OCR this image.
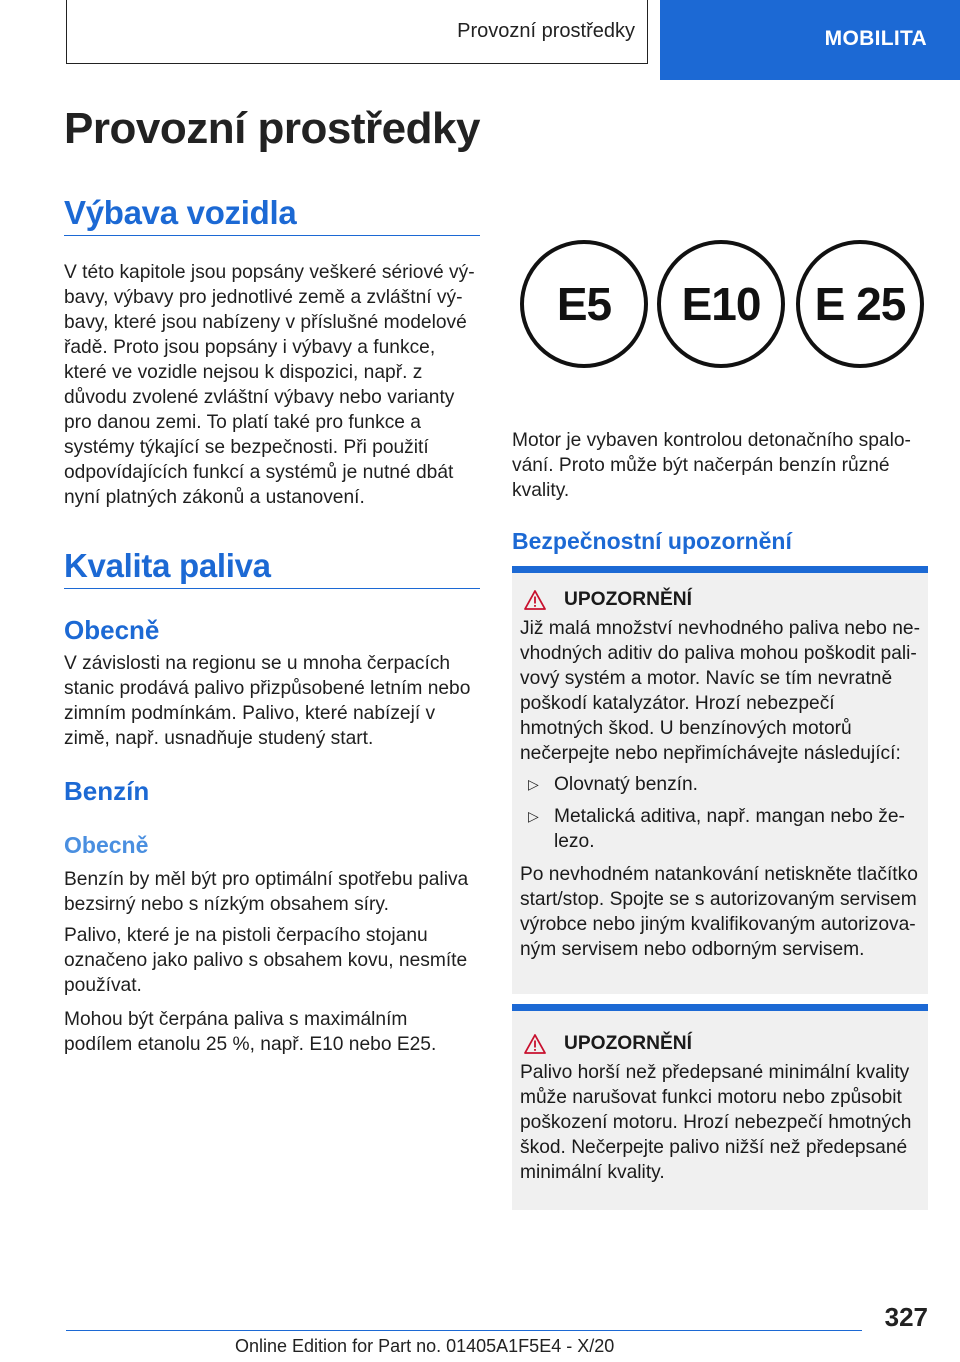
Provozní prostředky	MOBILITA
Provozní prostředky
Výbava vozidla
V této kapitole jsou popsány veškeré sériové výbavy, výbavy pro jednotlivé země a zvláštní výbavy, které jsou nabízeny v příslušné modelové řadě. Proto jsou popsány i výbavy a funkce, které ve vozidle nejsou k dispozici, např. z důvodu zvolené zvláštní výbavy nebo varianty pro danou zemi. To platí také pro funkce a systémy týkající se bezpečnosti. Při použití odpovídajících funkcí a systémů je nutné dbát nyní platných zákonů a ustanovení.
Kvalita paliva
Obecně
V závislosti na regionu se u mnoha čerpacích stanic prodává palivo přizpůsobené letním nebo zimním podmínkám. Palivo, které nabízejí v zimě, např. usnadňuje studený start.
Benzín
Obecně
Benzín by měl být pro optimální spotřebu paliva bezsirný nebo s nízkým obsahem síry.
Palivo, které je na pistoli čerpacího stojanu označeno jako palivo s obsahem kovu, nesmíte používat.
Mohou být čerpána paliva s maximálním podílem etanolu 25 %, např. E10 nebo E25.
E5 E10 E 25
Motor je vybaven kontrolou detonačního spalování. Proto může být načerpán benzín různé kvality.
Bezpečnostní upozornění
UPOZORNĚNÍ

Již malá množství nevhodného paliva nebo nevhodných aditiv do paliva mohou poškodit palivový systém a motor. Navíc se tím nevratně poškodí katalyzátor. Hrozí nebezpečí hmotných škod. U benzínových motorů nečerpejte nebo nepřimíchávejte následující:

▷ Olovnatý benzín.
▷ Metalická aditiva, např. mangan nebo železo.

Po nevhodném natankování netiskněte tlačítko start/stop. Spojte se s autorizovaným servisem výrobce nebo jiným kvalifikovaným autorizovaným servisem nebo odborným servisem.

UPOZORNĚNÍ

Palivo horší než předepsané minimální kvality může narušovat funkci motoru nebo způsobit poškození motoru. Hrozí nebezpečí hmotných škod. Nečerpejte palivo nižší než předepsané minimální kvality.

327
Online Edition for Part no. 01405A1F5E4 - X/20
